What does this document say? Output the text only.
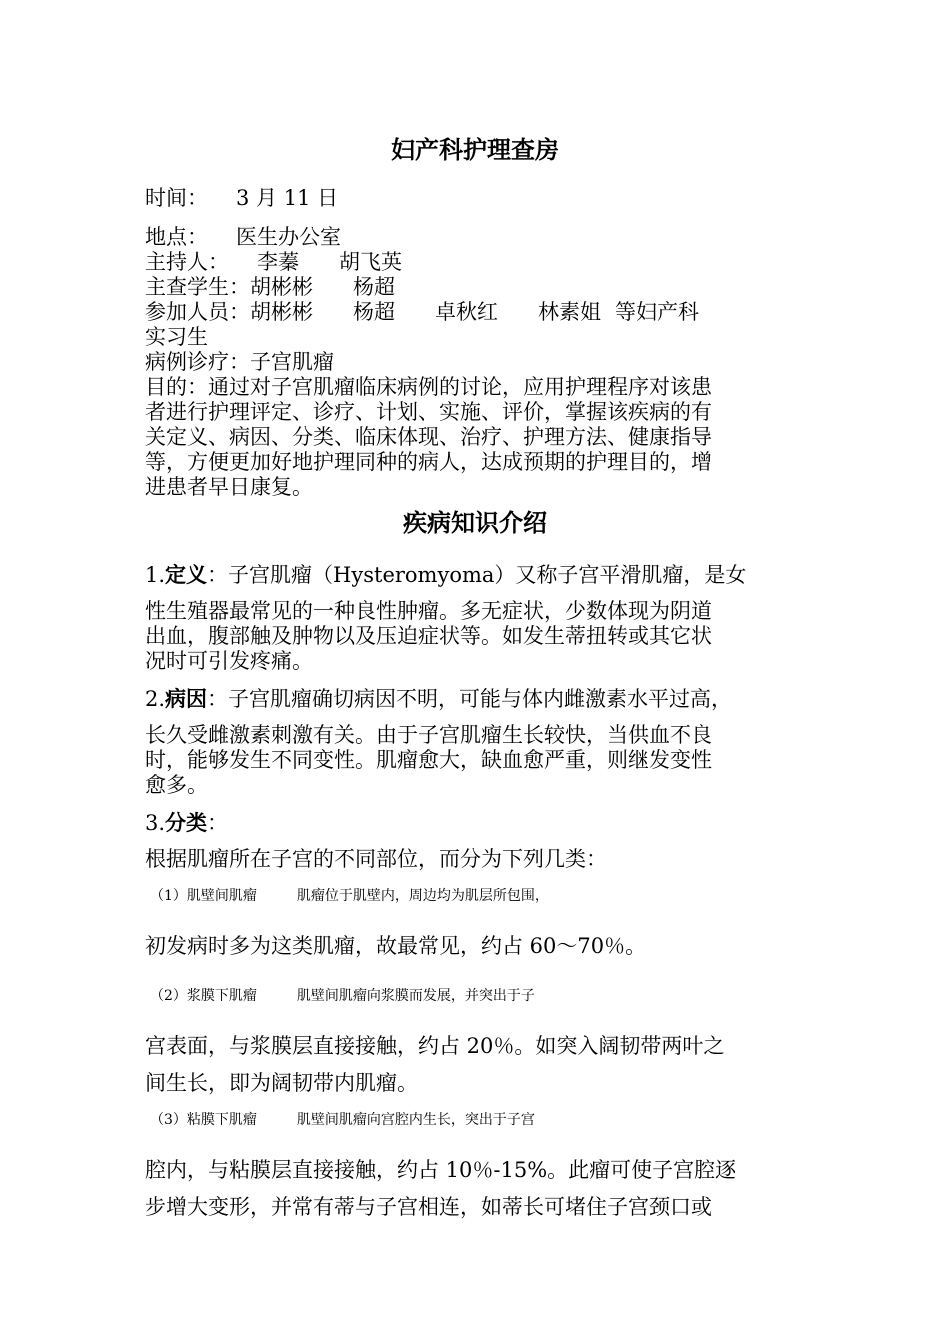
妇产科护理查房
时间： 3 月 11 日
地点： 医生办公室
主持人： 李蓁 胡飞英
主查学生：胡彬彬 杨超
参加人员：胡彬彬 杨超 卓秋红 林素姐 等妇产科
实习生
病例诊疗：子宫肌瘤
目的：通过对子宫肌瘤临床病例的讨论，应用护理程序对该患
者进行护理评定、诊疗、计划、实施、评价，掌握该疾病的有
关定义、病因、分类、临床体现、治疗、护理方法、健康指导
等，方便更加好地护理同种的病人，达成预期的护理目的，增
进患者早日康复。
疾病知识介绍
1.定义：子宫肌瘤（Hysteromyoma）又称子宫平滑肌瘤，是女
性生殖器最常见的一种良性肿瘤。多无症状，少数体现为阴道
出血，腹部触及肿物以及压迫症状等。如发生蒂扭转或其它状
况时可引发疼痛。
2.病因：子宫肌瘤确切病因不明，可能与体内雌激素水平过高，
长久受雌激素刺激有关。由于子宫肌瘤生长较快，当供血不良
时，能够发生不同变性。肌瘤愈大，缺血愈严重，则继发变性
愈多。
3.分类：
根据肌瘤所在子宫的不同部位，而分为下列几类：
（1）肌壁间肌瘤	肌瘤位于肌壁内，周边均为肌层所包围，
初发病时多为这类肌瘤，故最常见，约占 60～70％。
（2）浆膜下肌瘤	肌壁间肌瘤向浆膜而发展，并突出于子
宫表面，与浆膜层直接接触，约占 20％。如突入阔韧带两叶之
间生长，即为阔韧带内肌瘤。
（3）粘膜下肌瘤	肌壁间肌瘤向宫腔内生长，突出于子宫
腔内，与粘膜层直接接触，约占 10％-15%。此瘤可使子宫腔逐
步增大变形，并常有蒂与子宫相连，如蒂长可堵住子宫颈口或
